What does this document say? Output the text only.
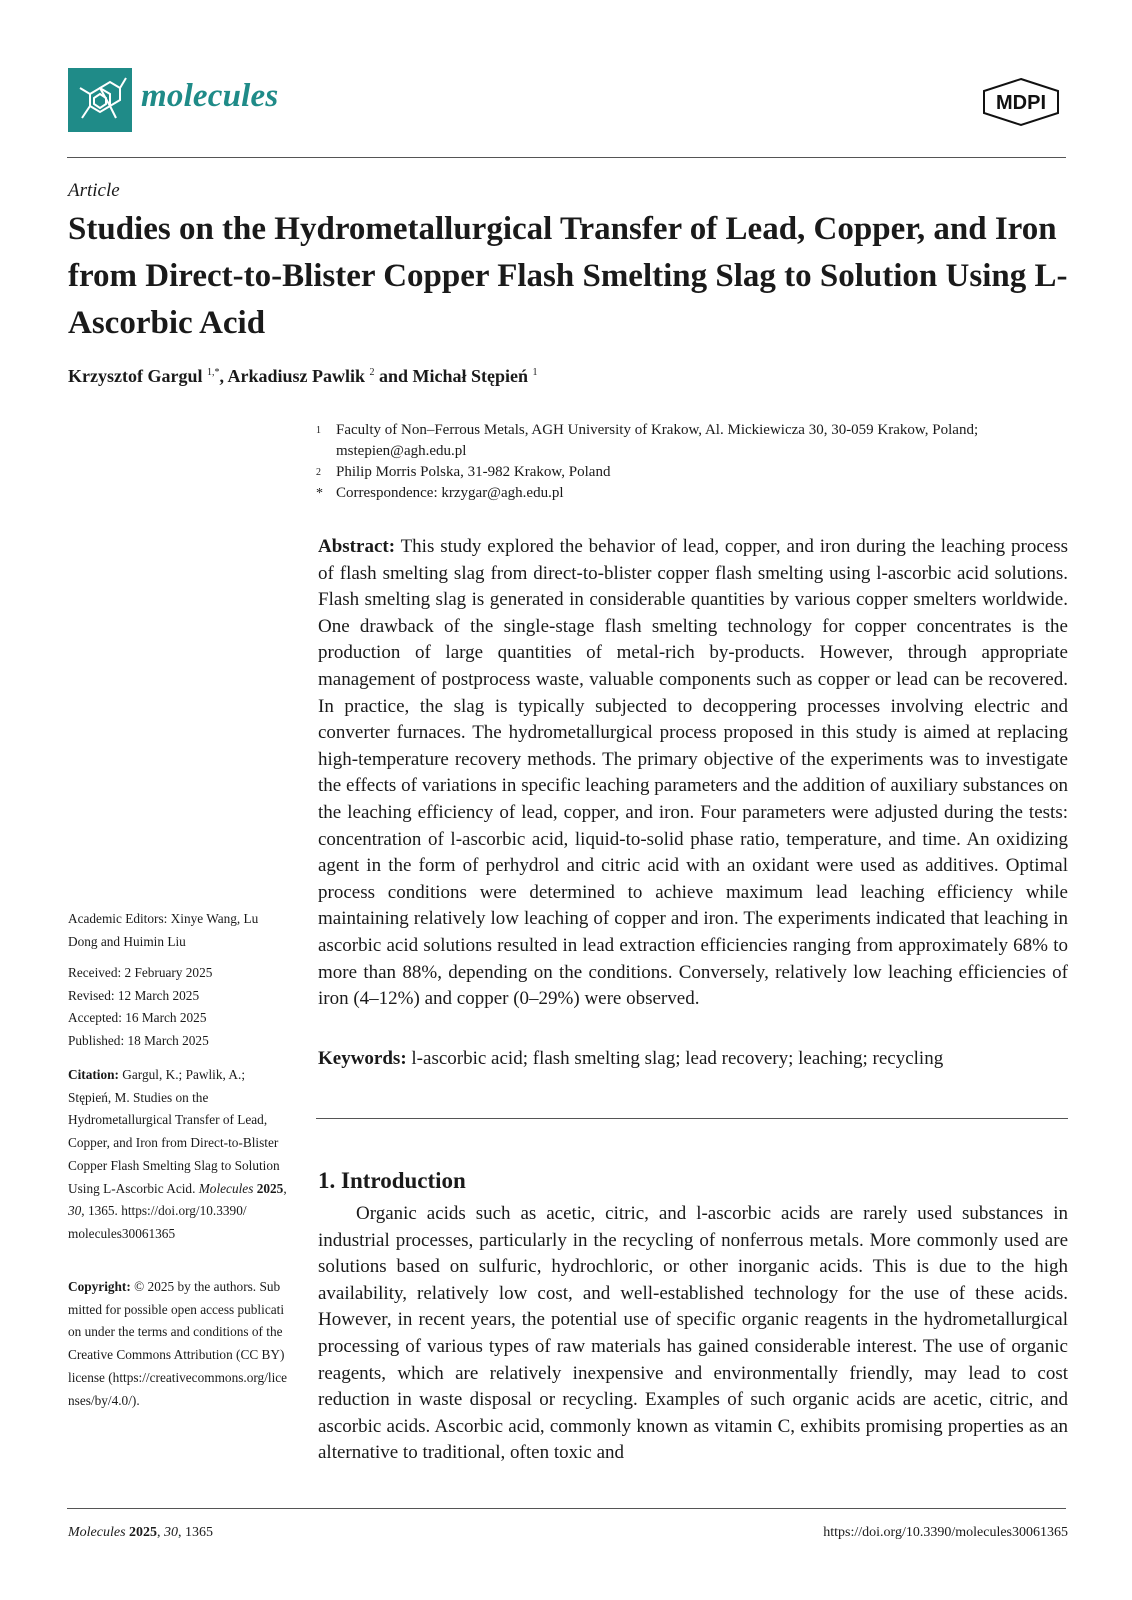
molecules	MDPI
Article
Studies on the Hydrometallurgical Transfer of Lead, Copper, and Iron from Direct-to-Blister Copper Flash Smelting Slag to Solution Using L-Ascorbic Acid
Krzysztof Gargul $^{1,*}$, Arkadiusz Pawlik $^2$ and Michał Stępień $^1$
1 Faculty of Non–Ferrous Metals, AGH University of Krakow, Al. Mickiewicza 30, 30-059 Krakow, Poland;
mstepien@agh.edu.pl
2 Philip Morris Polska, 31-982 Krakow, Poland
* Correspondence: krzygar@agh.edu.pl
Abstract: This study explored the behavior of lead, copper, and iron during the leaching process of flash smelting slag from direct-to-blister copper flash smelting using l-ascorbic acid solutions. Flash smelting slag is generated in considerable quantities by various copper smelters worldwide. One drawback of the single-stage flash smelting technology for copper concentrates is the production of large quantities of metal-rich by-products. However, through appropriate management of postprocess waste, valuable components such as copper or lead can be recovered. In practice, the slag is typically subjected to decoppering processes involving electric and converter furnaces. The hydrometallurgical process proposed in this study is aimed at replacing high-temperature recovery methods. The primary objective of the experiments was to investigate the effects of variations in specific leaching parameters and the addition of auxiliary substances on the leaching efficiency of lead, copper, and iron. Four parameters were adjusted during the tests: concentration of l-ascorbic acid, liquid-to-solid phase ratio, temperature, and time. An oxidizing agent in the form of perhydrol and citric acid with an oxidant were used as additives. Optimal process conditions were determined to achieve maximum lead leaching efficiency while maintaining relatively low leaching of copper and iron. The experiments indicated that leaching in ascorbic acid solutions resulted in lead extraction efficiencies ranging from approximately 68% to more than 88%, depending on the conditions. Conversely, relatively low leaching efficiencies of iron (4–12%) and copper (0–29%) were observed.
Keywords: l-ascorbic acid; flash smelting slag; lead recovery; leaching; recycling
1. Introduction
Organic acids such as acetic, citric, and l-ascorbic acids are rarely used substances in industrial processes, particularly in the recycling of nonferrous metals. More commonly used are solutions based on sulfuric, hydrochloric, or other inorganic acids. This is due to the high availability, relatively low cost, and well-established technology for the use of these acids. However, in recent years, the potential use of specific organic reagents in the hydrometallurgical processing of various types of raw materials has gained considerable interest. The use of organic reagents, which are relatively inexpensive and environmentally friendly, may lead to cost reduction in waste disposal or recycling. Examples of such organic acids are acetic, citric, and ascorbic acids. Ascorbic acid, commonly known as vitamin C, exhibits promising properties as an alternative to traditional, often toxic and
Academic Editors: Xinye Wang, Lu Dong and Huimin Liu
Received: 2 February 2025
Revised: 12 March 2025
Accepted: 16 March 2025
Published: 18 March 2025
Citation: Gargul, K.; Pawlik, A.; Stępień, M. Studies on the Hydrometallurgical Transfer of Lead, Copper, and Iron from Direct-to-Blister Copper Flash Smelting Slag to Solution Using L-Ascorbic Acid. Molecules 2025, 30, 1365. https://doi.org/10.3390/ molecules30061365
Copyright: © 2025 by the authors. Submitted for possible open access publication under the terms and conditions of the Creative Commons Attribution (CC BY) license (https://creativecommons.org/licenses/by/4.0/).
Molecules 2025, 30, 1365	https://doi.org/10.3390/molecules30061365
